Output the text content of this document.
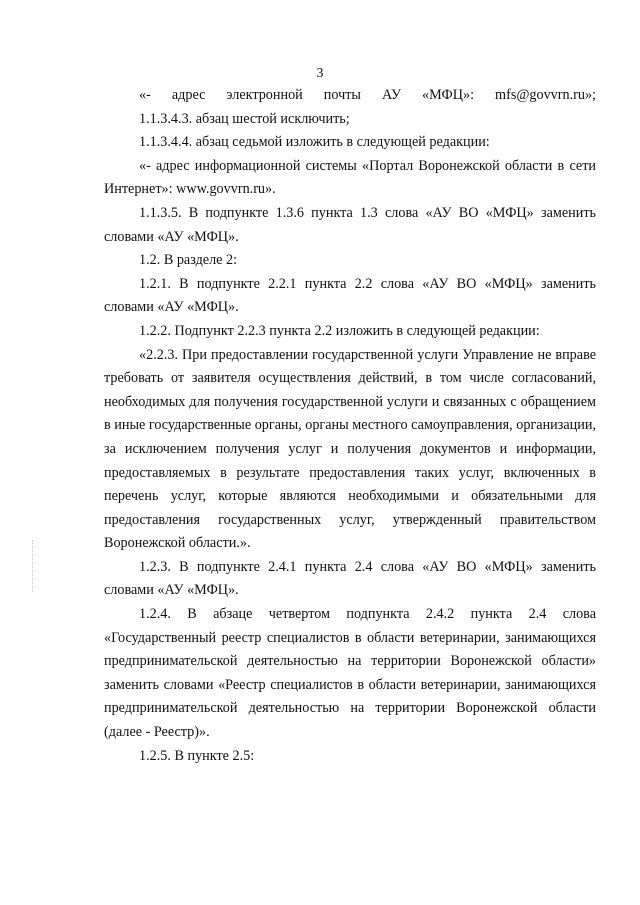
3

«- адрес электронной почты АУ «МФЦ»: mfs@govvrn.ru»;

1.1.3.4.3. абзац шестой исключить;

1.1.3.4.4. абзац седьмой изложить в следующей редакции:

«- адрес информационной системы «Портал Воронежской области в сети Интернет»: www.govvrn.ru».

1.1.3.5. В подпункте 1.3.6 пункта 1.3 слова «АУ ВО «МФЦ» заменить словами «АУ «МФЦ».

1.2. В разделе 2:

1.2.1. В подпункте 2.2.1 пункта 2.2 слова «АУ ВО «МФЦ» заменить словами «АУ «МФЦ».

1.2.2. Подпункт 2.2.3 пункта 2.2 изложить в следующей редакции:

«2.2.3. При предоставлении государственной услуги Управление не вправе требовать от заявителя осуществления действий, в том числе согласований, необходимых для получения государственной услуги и связанных с обращением в иные государственные органы, органы местного самоуправления, организации, за исключением получения услуг и получения документов и информации, предоставляемых в результате предоставления таких услуг, включенных в перечень услуг, которые являются необходимыми и обязательными для предоставления государственных услуг, утвержденный правительством Воронежской области.».

1.2.3. В подпункте 2.4.1 пункта 2.4 слова «АУ ВО «МФЦ» заменить словами «АУ «МФЦ».

1.2.4. В абзаце четвертом подпункта 2.4.2 пункта 2.4 слова «Государственный реестр специалистов в области ветеринарии, занимающихся предпринимательской деятельностью на территории Воронежской области» заменить словами «Реестр специалистов в области ветеринарии, занимающихся предпринимательской деятельностью на территории Воронежской области (далее - Реестр)».

1.2.5. В пункте 2.5:
